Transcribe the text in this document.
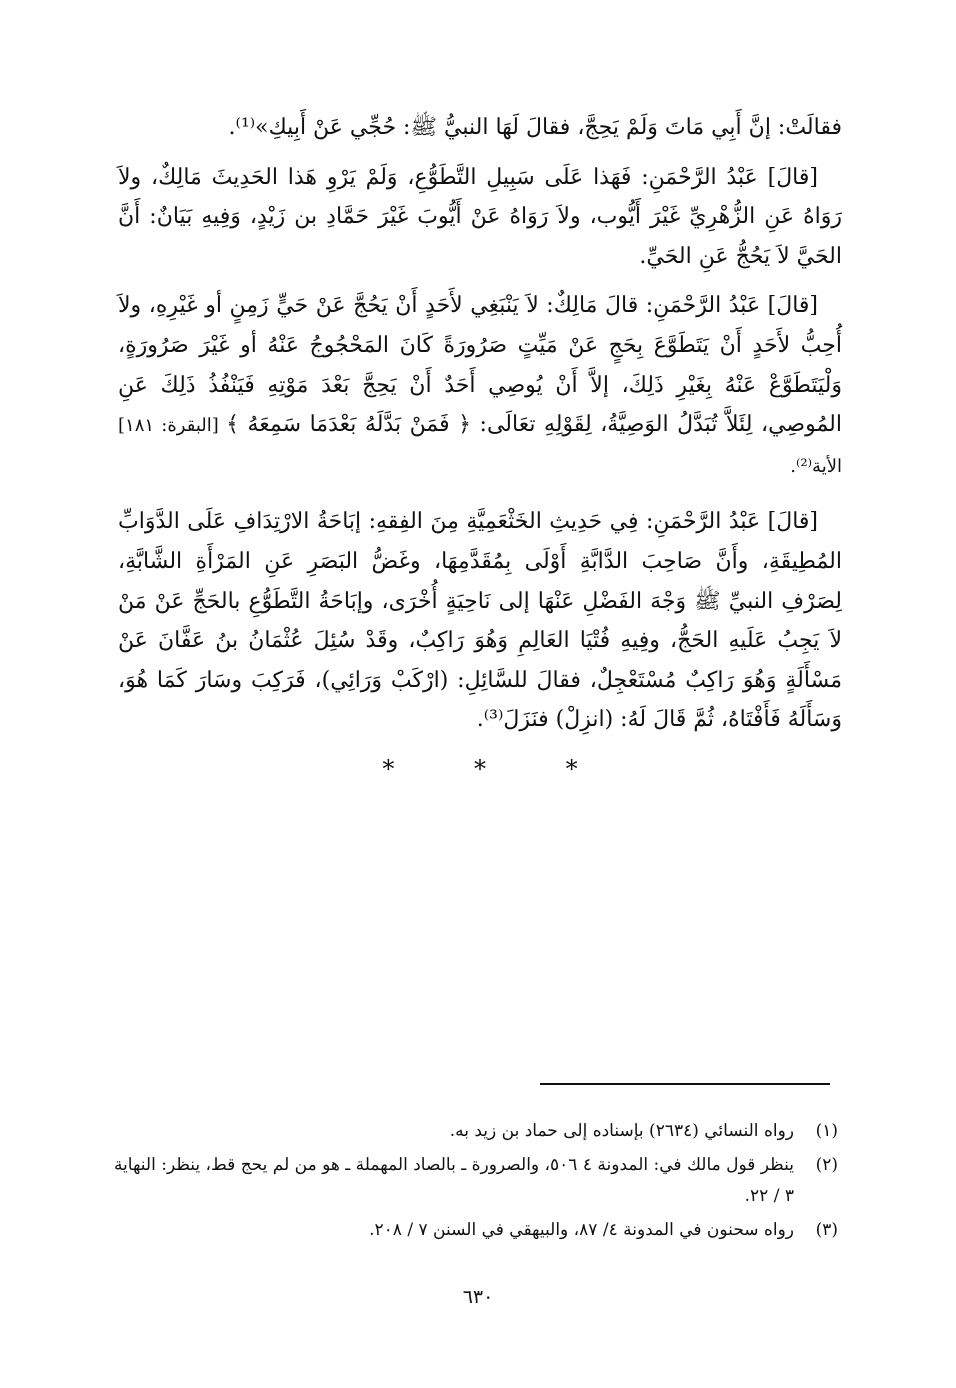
فقالَتْ: إنَّ أَبِي مَاتَ وَلَمْ يَحِجَّ، فقالَ لَهَا النبيُّ ﷺ: حُجِّي عَنْ أَبِيكِ»⁽¹⁾.

[قالَ] عَبْدُ الرَّحْمَنِ: فَهَذا عَلَى سَبِيلِ التَّطَوُّعِ، وَلَمْ يَرْوِ هَذا الحَدِيثَ مَالِكٌ، ولاَ رَوَاهُ عَنِ الزُّهْرِيِّ غَيْرَ أَيُّوب، ولاَ رَوَاهُ عَنْ أَيُّوبَ غَيْرَ حَمَّادِ بن زَيْدٍ، وَفِيهِ بَيَانٌ: أَنَّ الحَيَّ لاَ يَحُجُّ عَنِ الحَيِّ.

[قالَ] عَبْدُ الرَّحْمَنِ: قالَ مَالِكٌ: لاَ يَنْبَغِي لأَحَدٍ أَنْ يَحُجَّ عَنْ حَيٍّ زَمِنٍ أو غَيْرِهِ، ولاَ أُحِبُّ لأَحَدٍ أَنْ يَتَطَوَّعَ بِحَجٍ عَنْ مَيِّتٍ صَرُورَةً كَانَ المَحْجُوجُ عَنْهُ أو غَيْرَ صَرُورَةٍ، وَلْيَتَطَوَّعْ عَنْهُ بِغَيْرِ ذَلِكَ، إلاَّ أَنْ يُوصِي أَحَدٌ أَنْ يَحِجَّ بَعْدَ مَوْتِهِ فَيَنْفُذُ ذَلِكَ عَنِ المُوصِي، لِئَلاَّ تُبَدَّلُ الوَصِيَّةُ، لِقَوْلِهِ تعَالَى: ﴿ فَمَنْ بَدَّلَهُ بَعْدَمَا سَمِعَهُ ﴾ [البقرة: ١٨١] الأية⁽²⁾.

[قالَ] عَبْدُ الرَّحْمَنِ: فِي حَدِيثِ الخَثْعَمِيَّةِ مِنَ الفِقهِ: إبَاحَةُ الارْتِدَافِ عَلَى الدَّوَابِّ المُطِيقَةِ، وأَنَّ صَاحِبَ الدَّابَّةِ أَوْلَى بِمُقَدَّمِهَا، وغَضُّ البَصَرِ عَنِ المَرْأَةِ الشَّابَّةِ، لِصَرْفِ النبيِّ ﷺ وَجْهَ الفَضْلِ عَنْهَا إلى نَاحِيَةٍ أُخْرَى، وإبَاحَةُ التَّطَوُّعِ بالحَجِّ عَنْ مَنْ لاَ يَجِبُ عَلَيهِ الحَجُّ، وفِيهِ فُتْيَا العَالِمِ وَهُوَ رَاكِبٌ، وقَدْ سُئِلَ عُثْمَانُ بنُ عَفَّانَ عَنْ مَسْأَلَةٍ وَهُوَ رَاكِبٌ مُسْتَعْجِلٌ، فقالَ للسَّائِلِ: (ارْكَبْ وَرَائِي)، فَرَكِبَ وسَارَ كَمَا هُوَ، وَسَأَلَهُ فَأَفْتَاهُ، ثُمَّ قَالَ لَهُ: (انزِلْ) فنَزَلَ⁽³⁾.

* * *
(١)
رواه النسائي (٢٦٣٤) بإسناده إلى حماد بن زيد به.
(٢)
ينظر قول مالك في: المدونة ٤ ٥٠٦، والصرورة ـ بالصاد المهملة ـ هو من لم يحج قط، ينظر: النهاية ٣ / ٢٢.
(٣)
رواه سحنون في المدونة ٤/ ٨٧، والبيهقي في السنن ٧ / ٢٠٨.
٦٣٠
